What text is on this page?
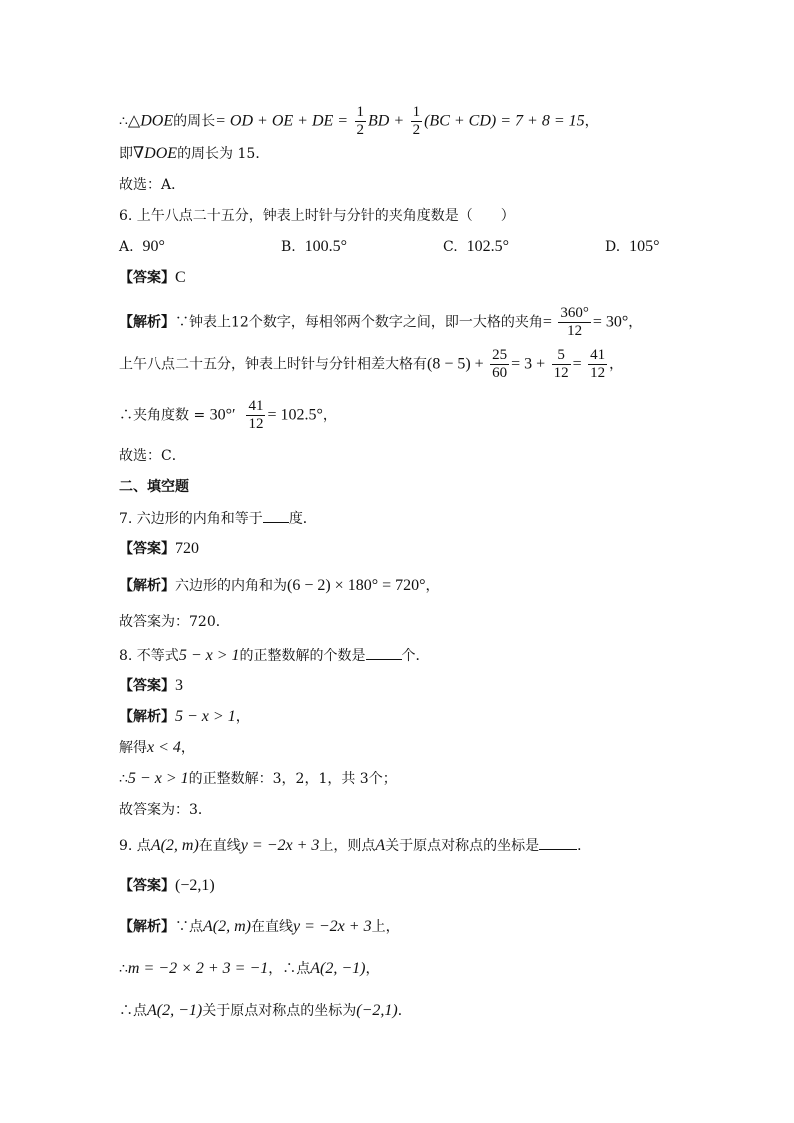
∴△DOE的周长= OD + OE + DE = $\frac{1}{2}$ BD + $\frac{1}{2} (BC + CD) = 7 + 8 = 15$，
即∇DOE的周长为 15．
故选：A．
6. 上午八点二十五分，钟表上时针与分针的夹角度数是（　　）
A. 90°	B. 100.5°	C. 102.5°	D. 105°
【答案】C
【解析】∵钟表上12个数字，每相邻两个数字之间，即一大格的夹角= $\frac{360^\circ}{12} = 30^\circ$，
上午八点二十五分，钟表上时针与分针相差大格有$(8 - 5) + \frac{25}{60} = 3 + \frac{5}{12} = \frac{41}{12}$ ，
∴夹角度数 = $30^\circ' \frac{41}{12} = 102.5^\circ$，
故选：C．
二、填空题
7. 六边形的内角和等于 度．
【答案】720
【解析】六边形的内角和为(6 − 2) × 180° = 720°，
故答案为：720．
8. 不等式5 − x > 1的正整数解的个数是	个．
【答案】3
【解析】5 − x > 1，
解得x < 4，
∴5 − x > 1的正整数解：3，2，1，共 3个；
故答案为：3．
9. 点A(2, m)在直线y = −2x + 3上，则点A关于原点对称点的坐标是	．
【答案】(−2,1)
【解析】∵点A(2, m)在直线y = −2x + 3上，
∴m = −2 × 2 + 3 = −1，∴点A(2, −1)，
∴点A(2, −1)关于原点对称点的坐标为(−2,1)．
